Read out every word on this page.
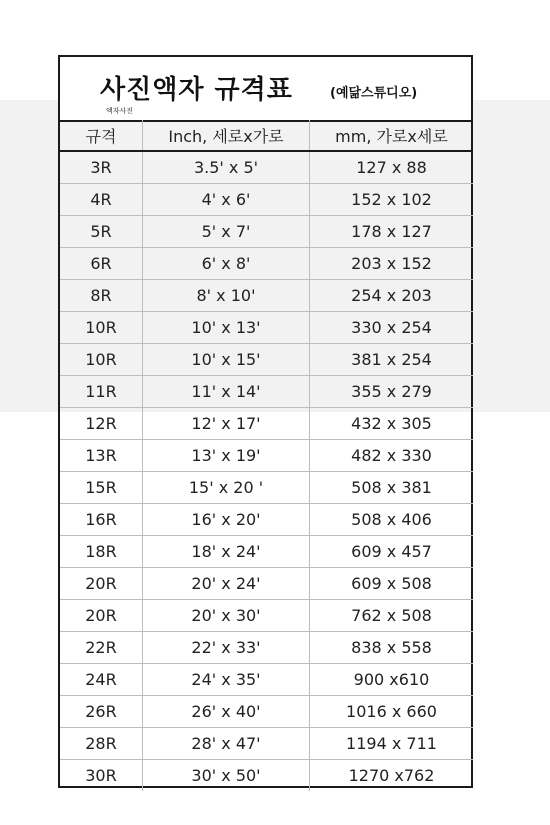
사진액자 규격표	(예닮스튜디오)
액자사진
규격	Inch, 세로x가로	mm, 가로x세로
3R	3.5' x 5'	127 x 88
4R	4' x 6'	152 x 102
5R	5' x 7'	178 x 127
6R	6' x 8'	203 x 152
8R	8' x 10'	254 x 203
10R	10' x 13'	330 x 254
10R	10' x 15'	381 x 254
11R	11' x 14'	355 x 279
12R	12' x 17'	432 x 305
13R	13' x 19'	482 x 330
15R	15' x 20 '	508 x 381
16R	16' x 20'	508 x 406
18R	18' x 24'	609 x 457
20R	20' x 24'	609 x 508
20R	20' x 30'	762 x 508
22R	22' x 33'	838 x 558
24R	24' x 35'	900 x610
26R	26' x 40'	1016 x 660
28R	28' x 47'	1194 x 711
30R	30' x 50'	1270 x762
